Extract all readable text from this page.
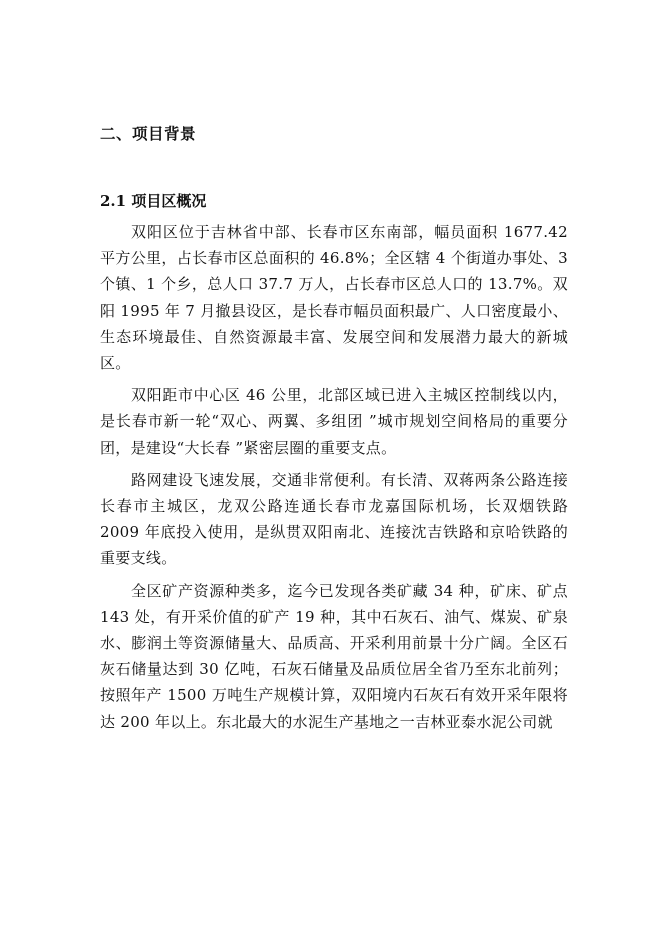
二、项目背景
2.1 项目区概况

双阳区位于吉林省中部、长春市区东南部，幅员面积 1677.42 平方公里，占长春市区总面积的 46.8%；全区辖 4 个街道办事处、3 个镇、1 个乡，总人口 37.7 万人，占长春市区总人口的 13.7%。双阳 1995 年 7 月撤县设区，是长春市幅员面积最广、人口密度最小、生态环境最佳、自然资源最丰富、发展空间和发展潜力最大的新城区。

双阳距市中心区 46 公里，北部区域已进入主城区控制线以内，是长春市新一轮“双心、两翼、多组团 ”城市规划空间格局的重要分团，是建设“大长春 ”紧密层圈的重要支点。

路网建设飞速发展，交通非常便利。有长清、双蒋两条公路连接长春市主城区，龙双公路连通长春市龙嘉国际机场，长双烟铁路 2009 年底投入使用，是纵贯双阳南北、连接沈吉铁路和京哈铁路的重要支线。

全区矿产资源种类多，迄今已发现各类矿藏 34 种，矿床、矿点 143 处，有开采价值的矿产 19 种，其中石灰石、油气、煤炭、矿泉水、膨润土等资源储量大、品质高、开采利用前景十分广阔。全区石灰石储量达到 30 亿吨，石灰石储量及品质位居全省乃至东北前列；按照年产 1500 万吨生产规模计算，双阳境内石灰石有效开采年限将达 200 年以上。东北最大的水泥生产基地之一吉林亚泰水泥公司就
